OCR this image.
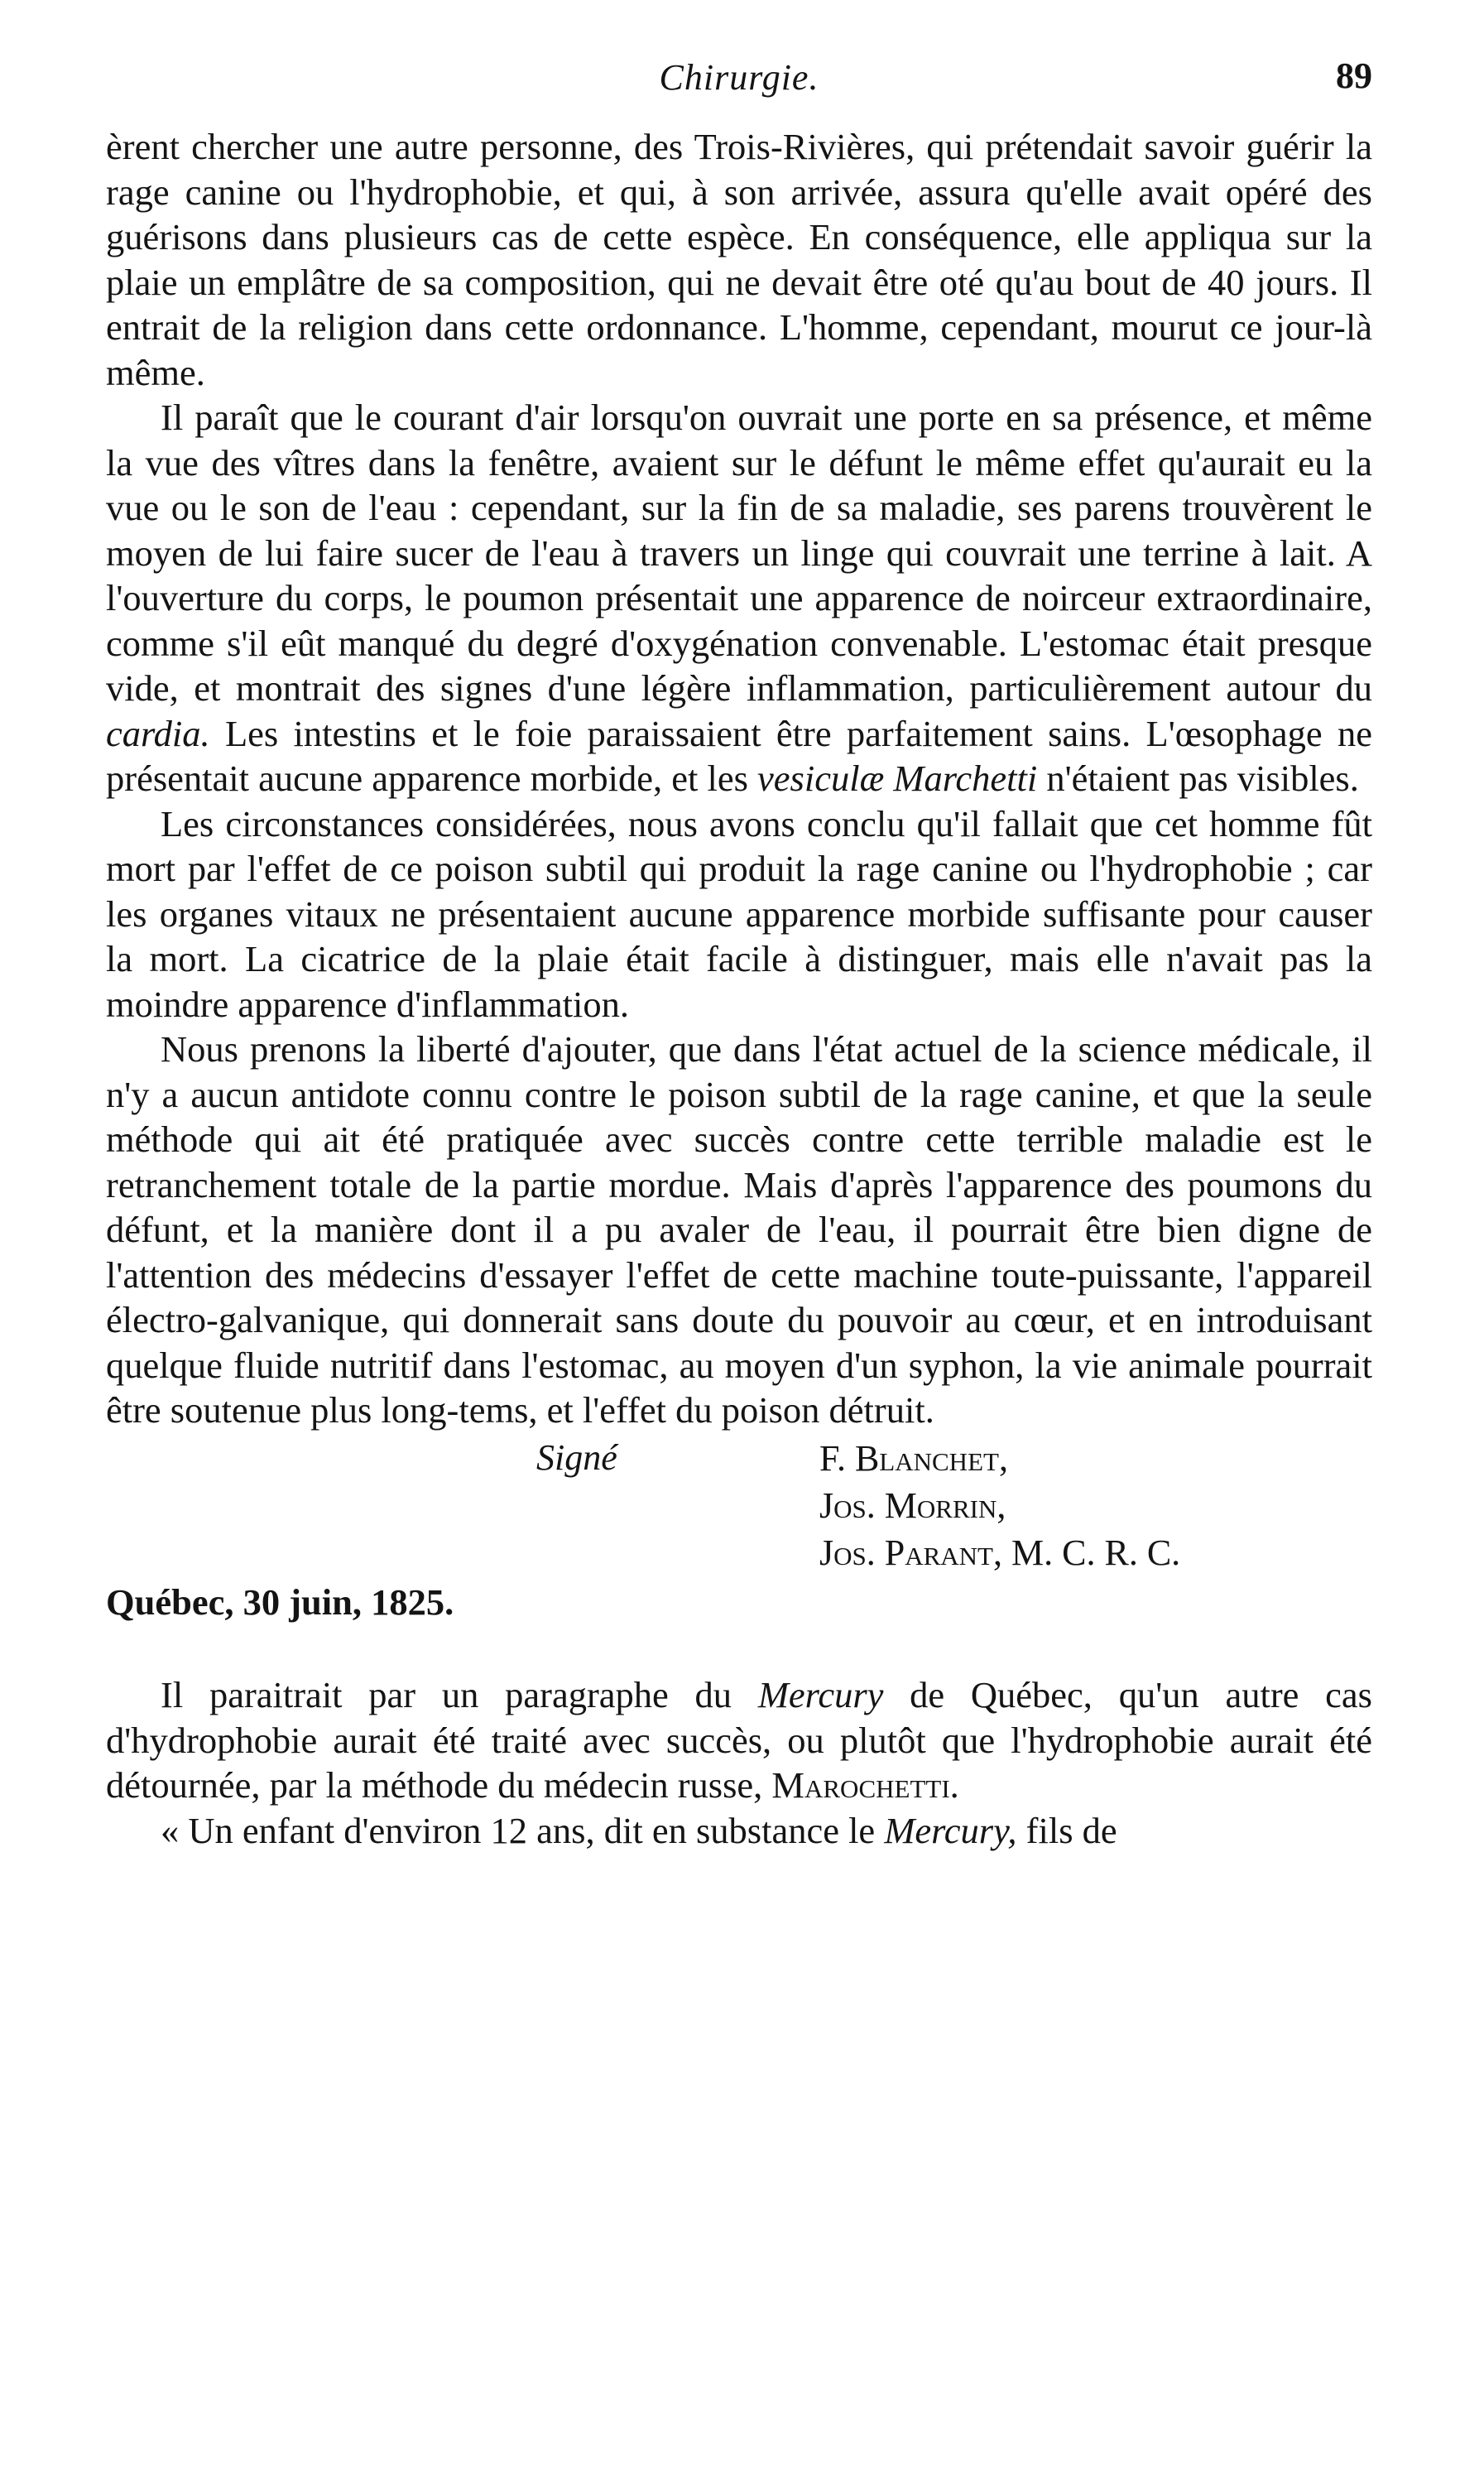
Chirurgie.	89

èrent chercher une autre personne, des Trois-Rivières, qui prétendait savoir guérir la rage canine ou l'hydrophobie, et qui, à son arrivée, assura qu'elle avait opéré des guérisons dans plusieurs cas de cette espèce. En conséquence, elle appliqua sur la plaie un emplâtre de sa composition, qui ne devait être oté qu'au bout de 40 jours. Il entrait de la religion dans cette ordonnance. L'homme, cependant, mourut ce jour-là même.

Il paraît que le courant d'air lorsqu'on ouvrait une porte en sa présence, et même la vue des vîtres dans la fenêtre, avaient sur le défunt le même effet qu'aurait eu la vue ou le son de l'eau : cependant, sur la fin de sa maladie, ses parens trouvèrent le moyen de lui faire sucer de l'eau à travers un linge qui couvrait une terrine à lait. A l'ouverture du corps, le poumon présentait une apparence de noirceur extraordinaire, comme s'il eût manqué du degré d'oxygénation convenable. L'estomac était presque vide, et montrait des signes d'une légère inflammation, particulièrement autour du cardia. Les intestins et le foie paraissaient être parfaitement sains. L'œsophage ne présentait aucune apparence morbide, et les vesiculæ Marchetti n'étaient pas visibles.

Les circonstances considérées, nous avons conclu qu'il fallait que cet homme fût mort par l'effet de ce poison subtil qui produit la rage canine ou l'hydrophobie ; car les organes vitaux ne présentaient aucune apparence morbide suffisante pour causer la mort. La cicatrice de la plaie était facile à distinguer, mais elle n'avait pas la moindre apparence d'inflammation.

Nous prenons la liberté d'ajouter, que dans l'état actuel de la science médicale, il n'y a aucun antidote connu contre le poison subtil de la rage canine, et que la seule méthode qui ait été pratiquée avec succès contre cette terrible maladie est le retranchement totale de la partie mordue. Mais d'après l'apparence des poumons du défunt, et la manière dont il a pu avaler de l'eau, il pourrait être bien digne de l'attention des médecins d'essayer l'effet de cette machine toute-puissante, l'appareil électro-galvanique, qui donnerait sans doute du pouvoir au cœur, et en introduisant quelque fluide nutritif dans l'estomac, au moyen d'un syphon, la vie animale pourrait être soutenue plus long-tems, et l'effet du poison détruit.

Signé	F. Blanchet,
Jos. Morrin,
Jos. Parant, M. C. R. C.

Québec, 30 juin, 1825.

Il paraitrait par un paragraphe du Mercury de Québec, qu'un autre cas d'hydrophobie aurait été traité avec succès, ou plutôt que l'hydrophobie aurait été détournée, par la méthode du médecin russe, Marochetti.

« Un enfant d'environ 12 ans, dit en substance le Mercury, fils de
